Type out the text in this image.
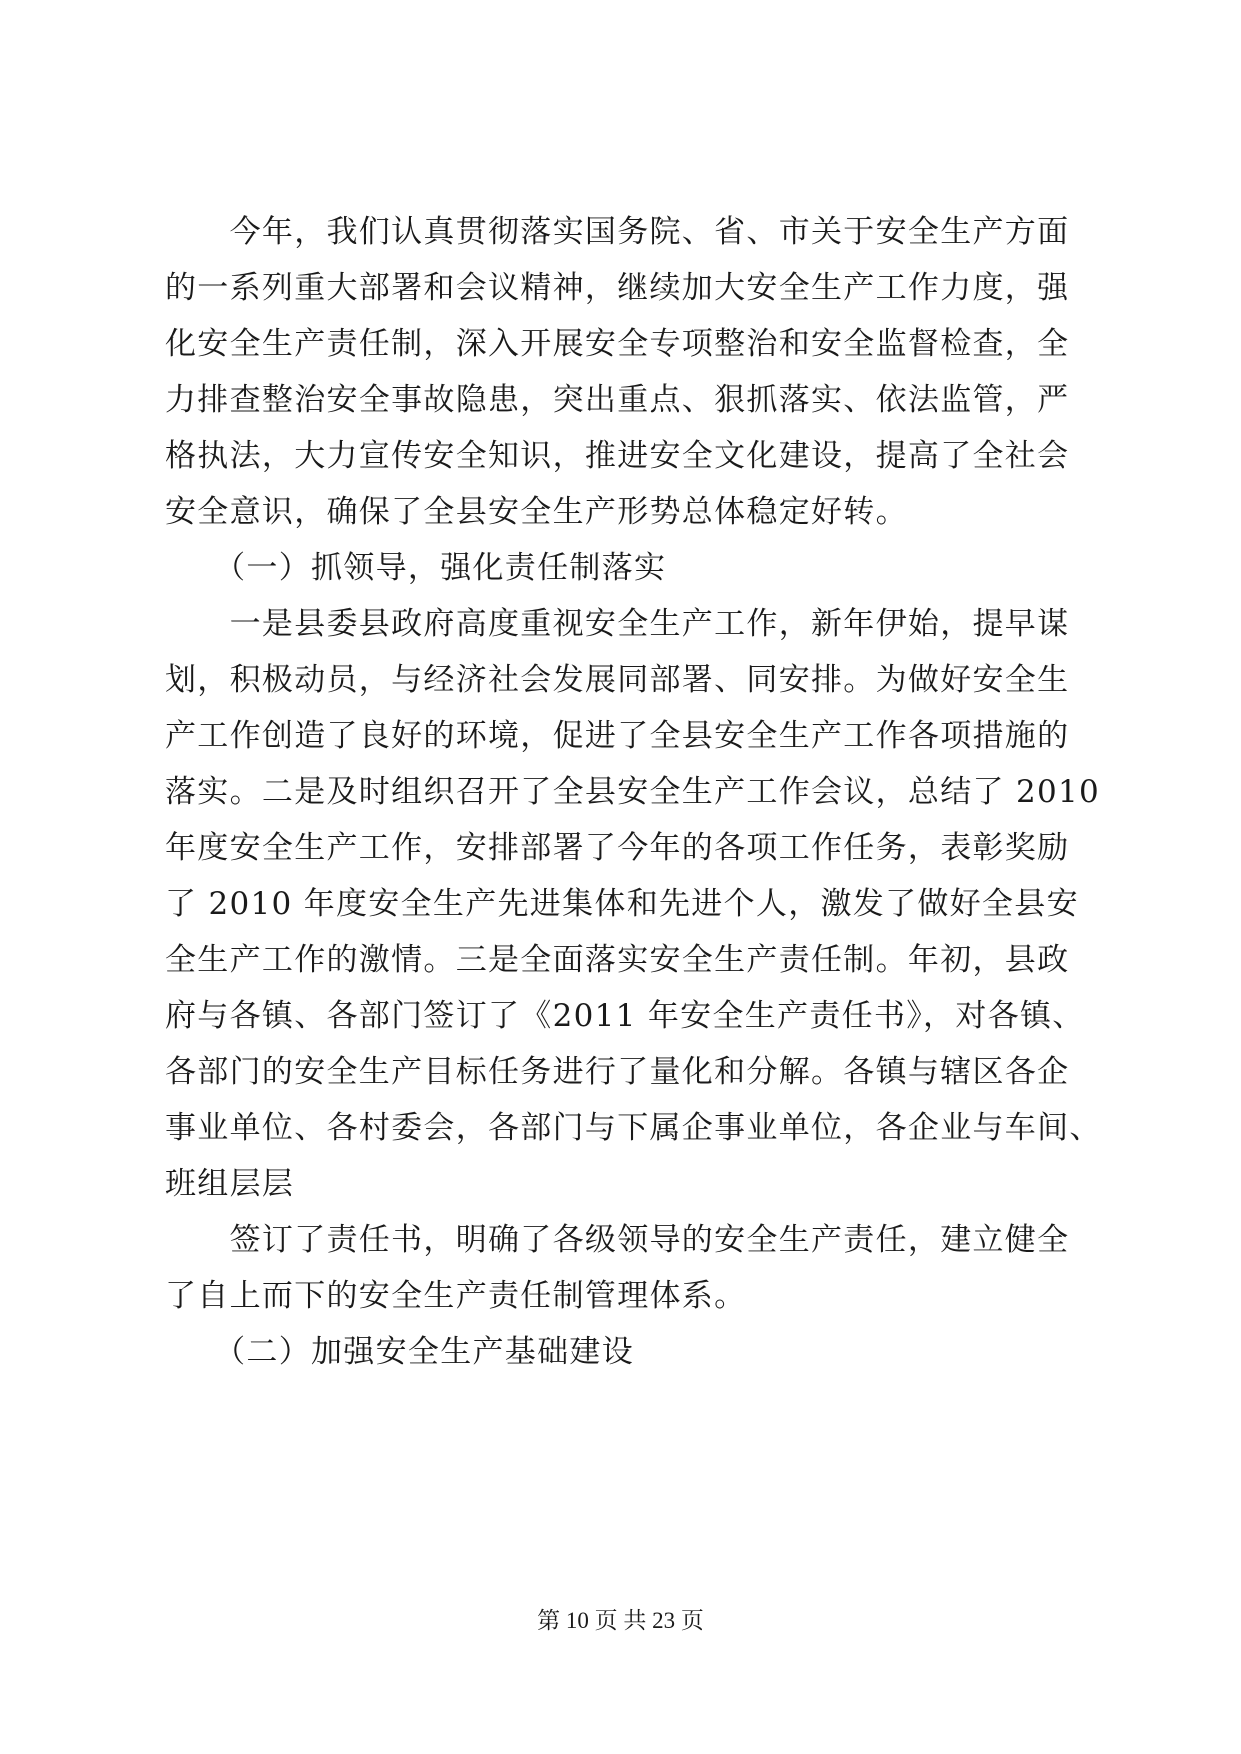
　　今年，我们认真贯彻落实国务院、省、市关于安全生产方面
的一系列重大部署和会议精神，继续加大安全生产工作力度，强
化安全生产责任制，深入开展安全专项整治和安全监督检查，全
力排查整治安全事故隐患，突出重点、狠抓落实、依法监管，严
格执法，大力宣传安全知识，推进安全文化建设，提高了全社会
安全意识，确保了全县安全生产形势总体稳定好转。
　　（一）抓领导，强化责任制落实
　　一是县委县政府高度重视安全生产工作，新年伊始，提早谋
划，积极动员，与经济社会发展同部署、同安排。为做好安全生
产工作创造了良好的环境，促进了全县安全生产工作各项措施的
落实。二是及时组织召开了全县安全生产工作会议，总结了 2010
年度安全生产工作，安排部署了今年的各项工作任务，表彰奖励
了 2010 年度安全生产先进集体和先进个人，激发了做好全县安
全生产工作的激情。三是全面落实安全生产责任制。年初，县政
府与各镇、各部门签订了《2011 年安全生产责任书》，对各镇、
各部门的安全生产目标任务进行了量化和分解。各镇与辖区各企
事业单位、各村委会，各部门与下属企事业单位，各企业与车间、
班组层层
　　签订了责任书，明确了各级领导的安全生产责任，建立健全
了自上而下的安全生产责任制管理体系。
　　（二）加强安全生产基础建设
第 10 页 共 23 页
